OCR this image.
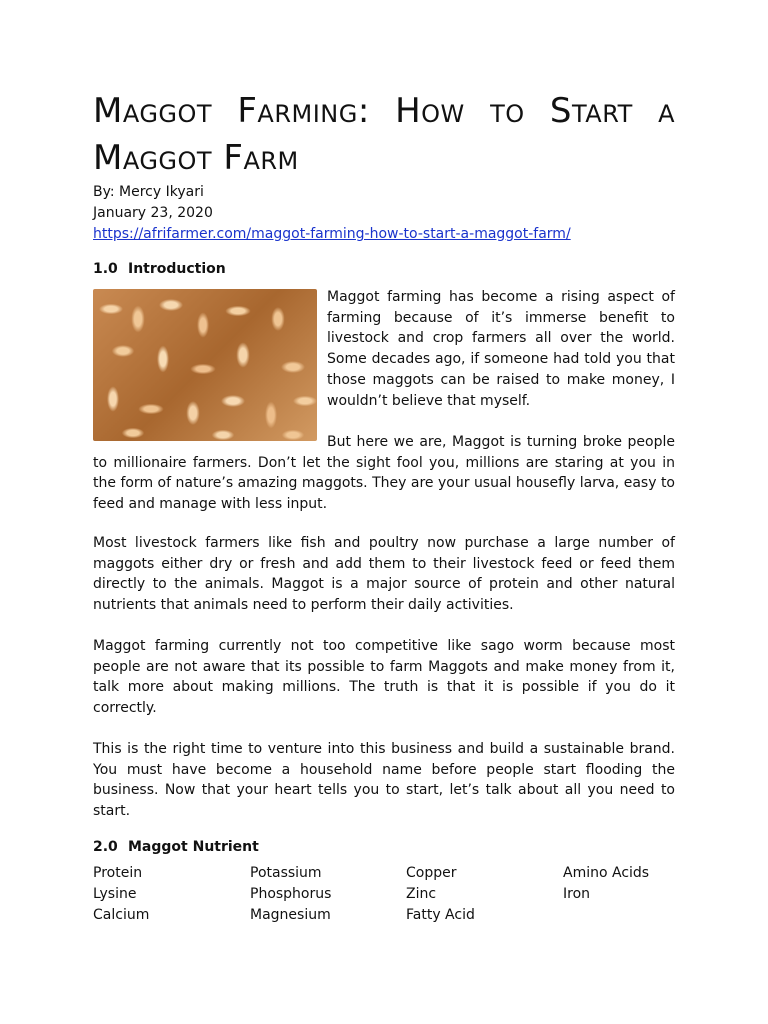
Maggot Farming: How to Start a
Maggot Farm
By: Mercy Ikyari
January 23, 2020
https://afrifarmer.com/maggot-farming-how-to-start-a-maggot-farm/
1.0 Introduction

Maggot farming has become a rising aspect of farming because of it’s immerse benefit to livestock and crop farmers all over the world. Some decades ago, if someone had told you that those maggots can be raised to make money, I wouldn’t believe that myself.

But here we are, Maggot is turning broke people to millionaire farmers. Don’t let the sight fool you, millions are staring at you in the form of nature’s amazing maggots. They are your usual housefly larva, easy to feed and manage with less input.

Most livestock farmers like fish and poultry now purchase a large number of maggots either dry or fresh and add them to their livestock feed or feed them directly to the animals. Maggot is a major source of protein and other natural nutrients that animals need to perform their daily activities.
Maggot farming currently not too competitive like sago worm because most people are not aware that its possible to farm Maggots and make money from it, talk more about making millions. The truth is that it is possible if you do it correctly.
This is the right time to venture into this business and build a sustainable brand. You must have become a household name before people start flooding the business. Now that your heart tells you to start, let’s talk about all you need to start.
2.0 Maggot Nutrient
Protein	Potassium	Copper	Amino Acids
Lysine	Phosphorus	Zinc	Iron
Calcium	Magnesium	Fatty Acid
